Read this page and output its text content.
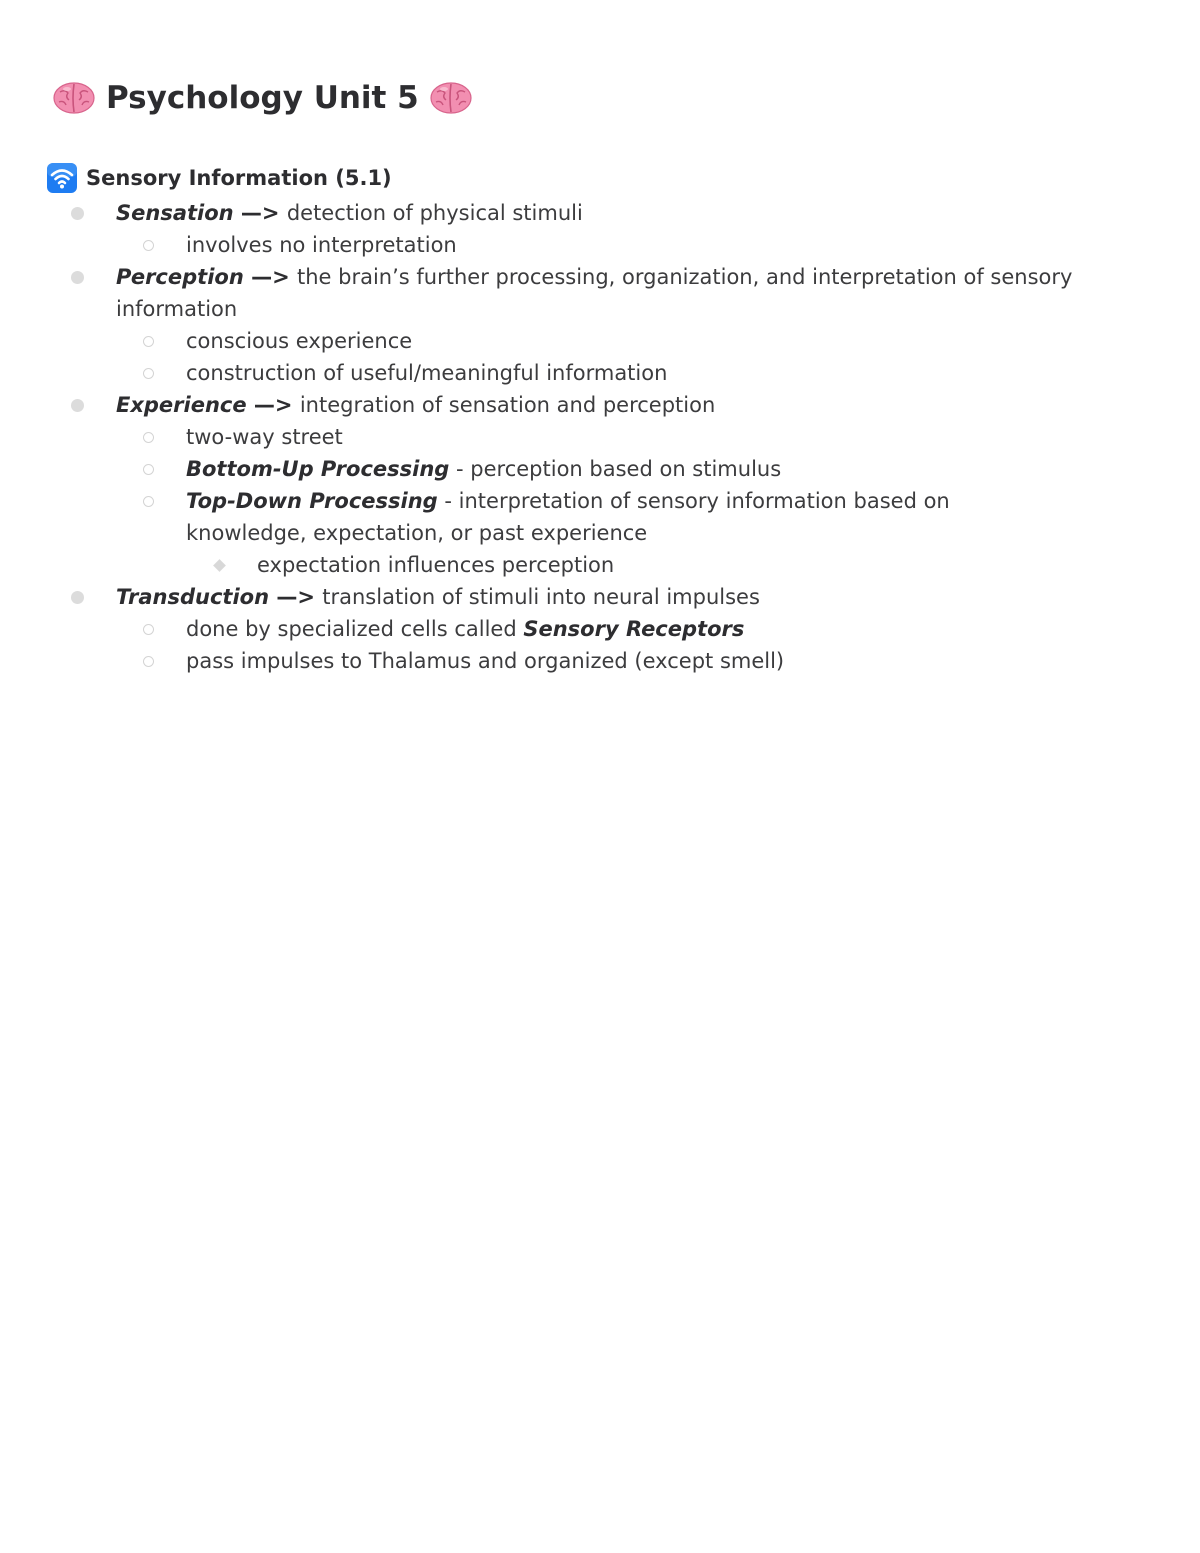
Psychology Unit 5
Sensory Information (5.1)
Sensation —> detection of physical stimuli
involves no interpretation
Perception —> the brain’s further processing, organization, and interpretation of sensory information
conscious experience
construction of useful/meaningful information
Experience —> integration of sensation and perception
two-way street
Bottom-Up Processing - perception based on stimulus
Top-Down Processing - interpretation of sensory information based on knowledge, expectation, or past experience
expectation influences perception
Transduction —> translation of stimuli into neural impulses
done by specialized cells called Sensory Receptors
pass impulses to Thalamus and organized (except smell)
